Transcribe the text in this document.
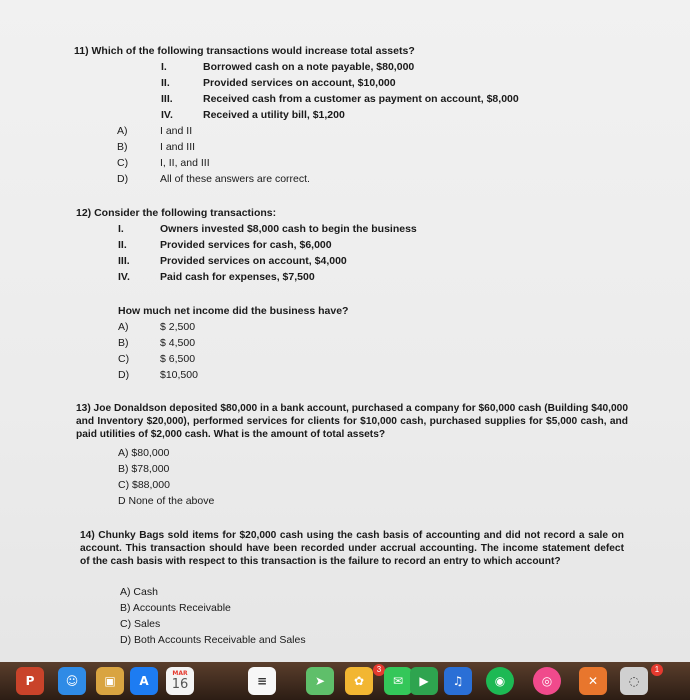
11) Which of the following transactions would increase total assets?
I.	Borrowed cash on a note payable, $80,000
II.	Provided services on account, $10,000
III.	Received cash from a customer as payment on account, $8,000
IV.	Received a utility bill, $1,200
A)	I and II
B)	I and III
C)	I, II, and III
D)	All of these answers are correct.
12) Consider the following transactions:
I.	Owners invested $8,000 cash to begin the business
II.	Provided services for cash, $6,000
III.	Provided services on account, $4,000
IV.	Paid cash for expenses, $7,500
How much net income did the business have?
A)	$ 2,500
B)	$ 4,500
C)	$ 6,500
D)	$10,500
13) Joe Donaldson deposited $80,000 in a bank account, purchased a company for $60,000 cash (Building $40,000 and Inventory $20,000), performed services for clients for $10,000 cash, purchased supplies for $5,000 cash, and paid utilities of $2,000 cash. What is the amount of total assets?
A) $80,000
B) $78,000
C) $88,000
D None of the above
14) Chunky Bags sold items for $20,000 cash using the cash basis of accounting and did not record a sale on account. This transaction should have been recorded under accrual accounting. The income statement defect of the cash basis with respect to this transaction is the failure to record an entry to which account?
A) Cash
B) Accounts Receivable
C) Sales
D) Both Accounts Receivable and Sales
P	☺ ▣ A
MAR
16	≡	➤
3
✿ ✉ ▶ ♫	◉	◎	✕	◌
1
